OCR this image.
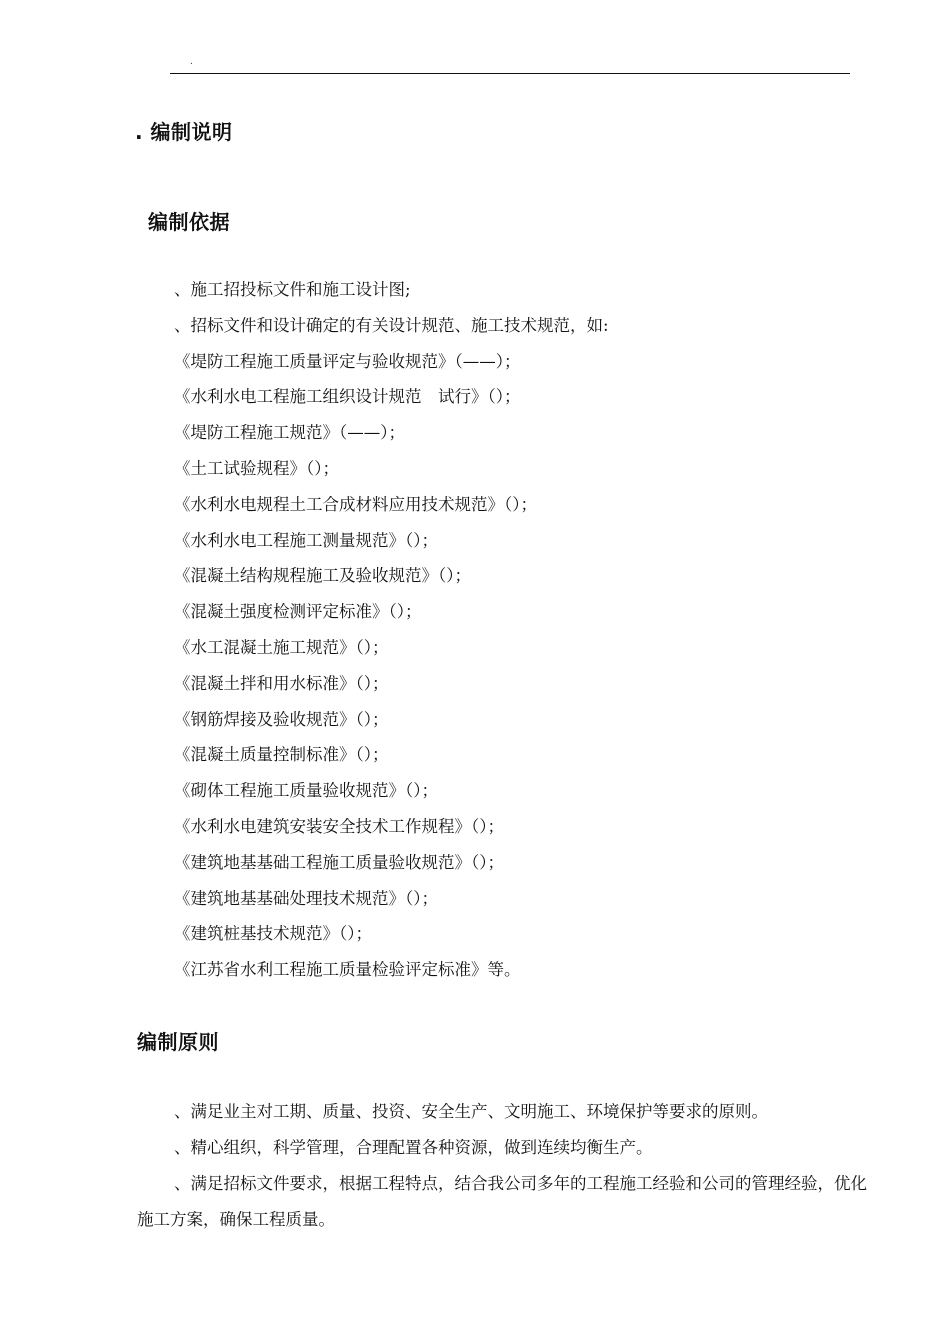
.
. 编制说明
编制依据
、施工招投标文件和施工设计图;
、招标文件和设计确定的有关设计规范、施工技术规范，如:
《堤防工程施工质量评定与验收规范》（——）；
《水利水电工程施工组织设计规范　试行》（）；
《堤防工程施工规范》（——）；
《土工试验规程》（）；
《水利水电规程土工合成材料应用技术规范》（）；
《水利水电工程施工测量规范》（）；
《混凝土结构规程施工及验收规范》（）；
《混凝土强度检测评定标准》（）；
《水工混凝土施工规范》（）；
《混凝土拌和用水标准》（）；
《钢筋焊接及验收规范》（）；
《混凝土质量控制标准》（）；
《砌体工程施工质量验收规范》（）；
《水利水电建筑安装安全技术工作规程》（）；
《建筑地基基础工程施工质量验收规范》（）；
《建筑地基基础处理技术规范》（）；
《建筑桩基技术规范》（）；
《江苏省水利工程施工质量检验评定标准》等。
编制原则

、满足业主对工期、质量、投资、安全生产、文明施工、环境保护等要求的原则。

、精心组织，科学管理，合理配置各种资源，做到连续均衡生产。

、满足招标文件要求，根据工程特点，结合我公司多年的工程施工经验和公司的管理经验，优化施工方案，确保工程质量。
